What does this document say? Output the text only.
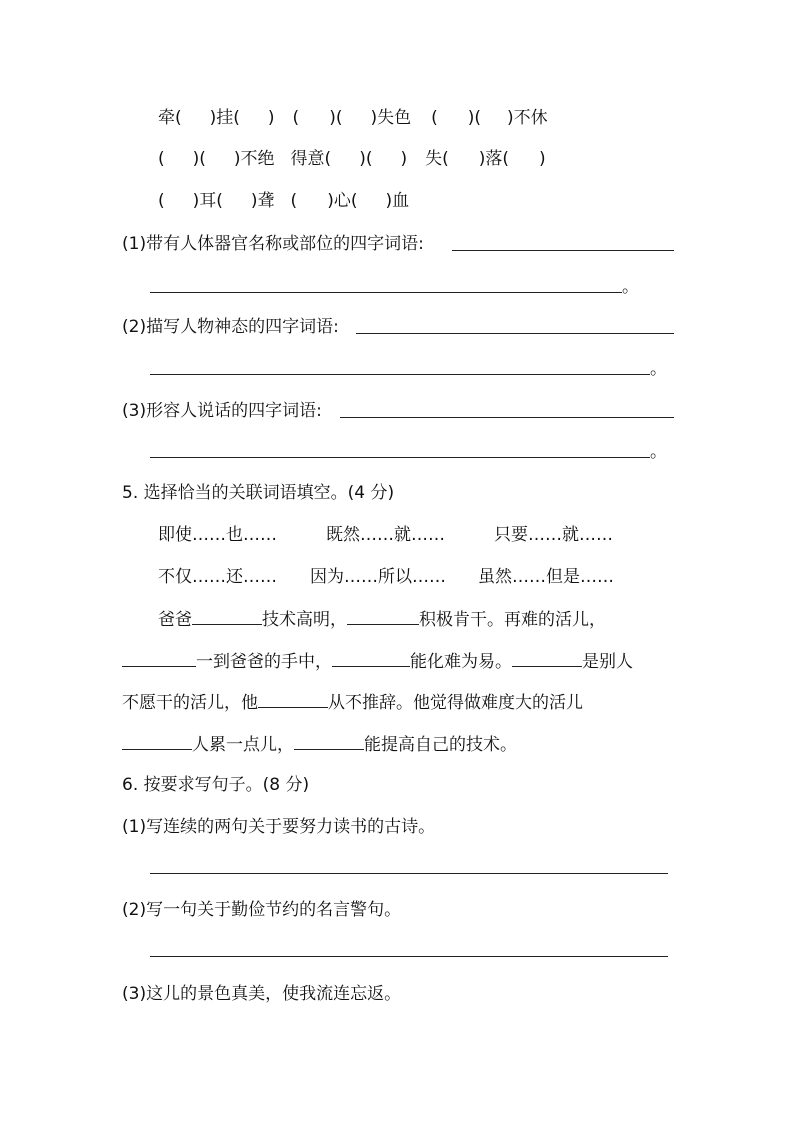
牵( )挂( ) ( )( )失色 ( )( )不休
( )( )不绝 得意( )( ) 失( )落( )
( )耳( )聋 ( )心( )血
(1)带有人体器官名称或部位的四字词语:
。
(2)描写人物神态的四字词语:
。
(3)形容人说话的四字词语:
。
5. 选择恰当的关联词语填空。(4 分)
即使……也……	既然……就……	只要……就……
不仅……还…… 因为……所以…… 虽然……但是……
爸爸	技术高明，	积极肯干。再难的活儿，
一到爸爸的手中，	能化难为易。	是别人
不愿干的活儿，他	从不推辞。他觉得做难度大的活儿
人累一点儿，	能提高自己的技术。
6. 按要求写句子。(8 分)
(1)写连续的两句关于要努力读书的古诗。
(2)写一句关于勤俭节约的名言警句。
(3)这儿的景色真美，使我流连忘返。
